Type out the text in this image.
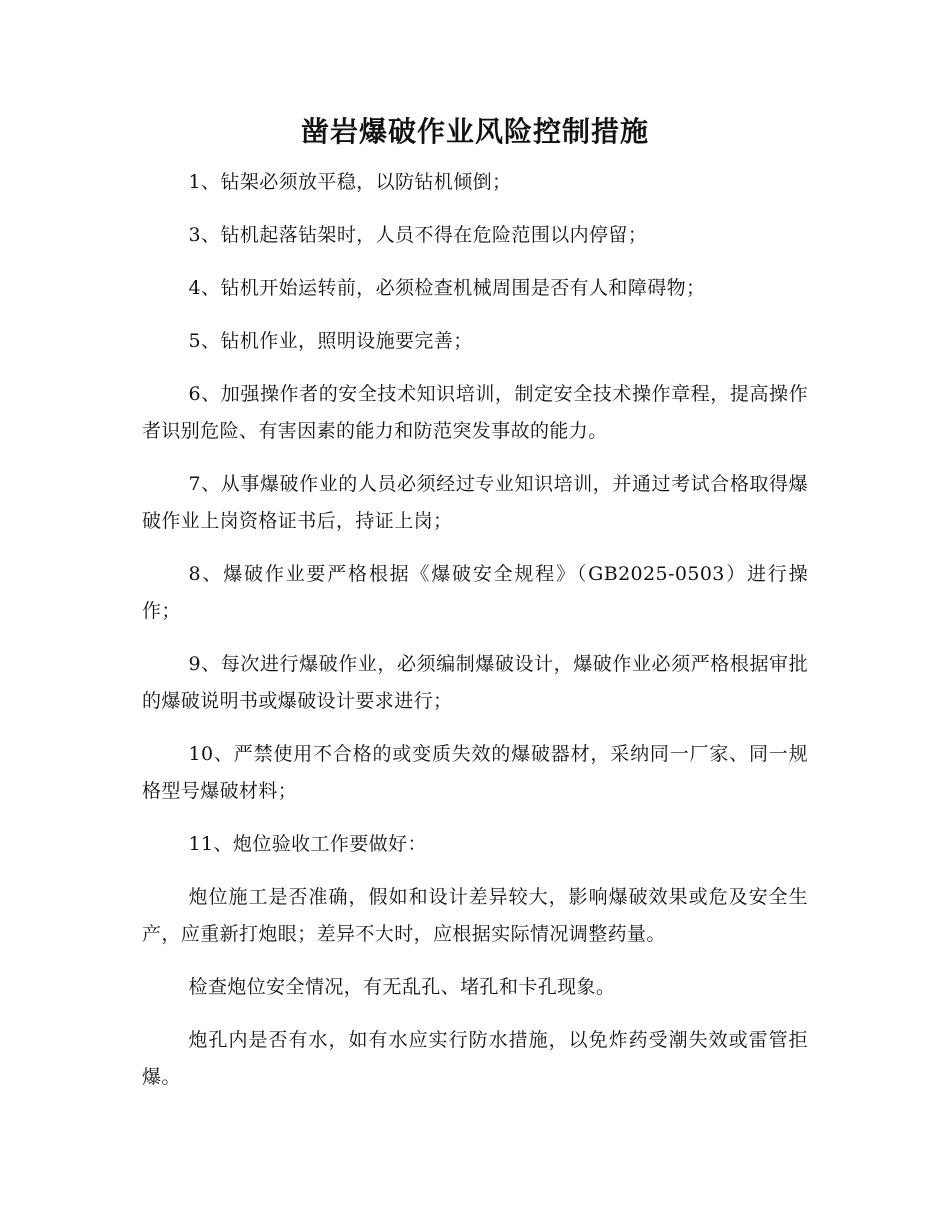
凿岩爆破作业风险控制措施

1、钻架必须放平稳，以防钻机倾倒；

3、钻机起落钻架时，人员不得在危险范围以内停留；

4、钻机开始运转前，必须检查机械周围是否有人和障碍物；

5、钻机作业，照明设施要完善；

6、加强操作者的安全技术知识培训，制定安全技术操作章程，提高操作者识别危险、有害因素的能力和防范突发事故的能力。

7、从事爆破作业的人员必须经过专业知识培训，并通过考试合格取得爆破作业上岗资格证书后，持证上岗；

8、爆破作业要严格根据《爆破安全规程》（GB2025-0503）进行操作；

9、每次进行爆破作业，必须编制爆破设计，爆破作业必须严格根据审批的爆破说明书或爆破设计要求进行；

10、严禁使用不合格的或变质失效的爆破器材，采纳同一厂家、同一规格型号爆破材料；

11、炮位验收工作要做好：

炮位施工是否准确，假如和设计差异较大，影响爆破效果或危及安全生产，应重新打炮眼；差异不大时，应根据实际情况调整药量。

检查炮位安全情况，有无乱孔、堵孔和卡孔现象。

炮孔内是否有水，如有水应实行防水措施，以免炸药受潮失效或雷管拒爆。
